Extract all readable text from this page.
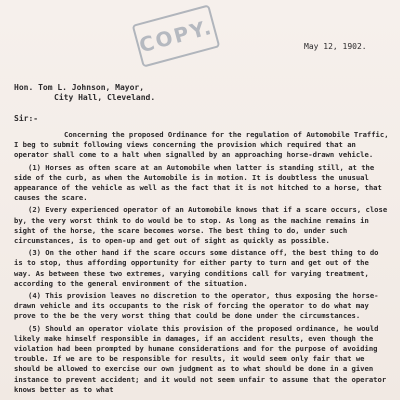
COPY.	May 12, 1902.
Hon. Tom L. Johnson, Mayor,
City Hall, Cleveland.
Sir:-

Concerning the proposed Ordinance for the regulation of Automobile Traffic, I beg to submit following views concerning the provision which required that an operator shall come to a halt when signalled by an approaching horse-drawn vehicle.

(1) Horses as often scare at an Automobile when latter is standing still, at the side of the curb, as when the Automobile is in motion. It is doubtless the unusual appearance of the vehicle as well as the fact that it is not hitched to a horse, that causes the scare.

(2) Every experienced operator of an Automobile knows that if a scare occurs, close by, the very worst think to do would be to stop. As long as the machine remains in sight of the horse, the scare becomes worse. The best thing to do, under such circumstances, is to open-up and get out of sight as quickly as possible.

(3) On the other hand if the scare occurs some distance off, the best thing to do is to stop, thus affording opportunity for either party to turn and get out of the way. As between these two extremes, varying conditions call for varying treatment, according to the general environment of the situation.

(4) This provision leaves no discretion to the operator, thus exposing the horse-drawn vehicle and its occupants to the risk of forcing the operator to do what may prove to the be the very worst thing that could be done under the circumstances.

(5) Should an operator violate this provision of the proposed ordinance, he would likely make himself responsible in damages, if an accident results, even though the violation had been prompted by humane considerations and for the purpose of avoiding trouble. If we are to be responsible for results, it would seem only fair that we should be allowed to exercise our own judgment as to what should be done in a given instance to prevent accident; and it would not seem unfair to assume that the operator knows better as to what
